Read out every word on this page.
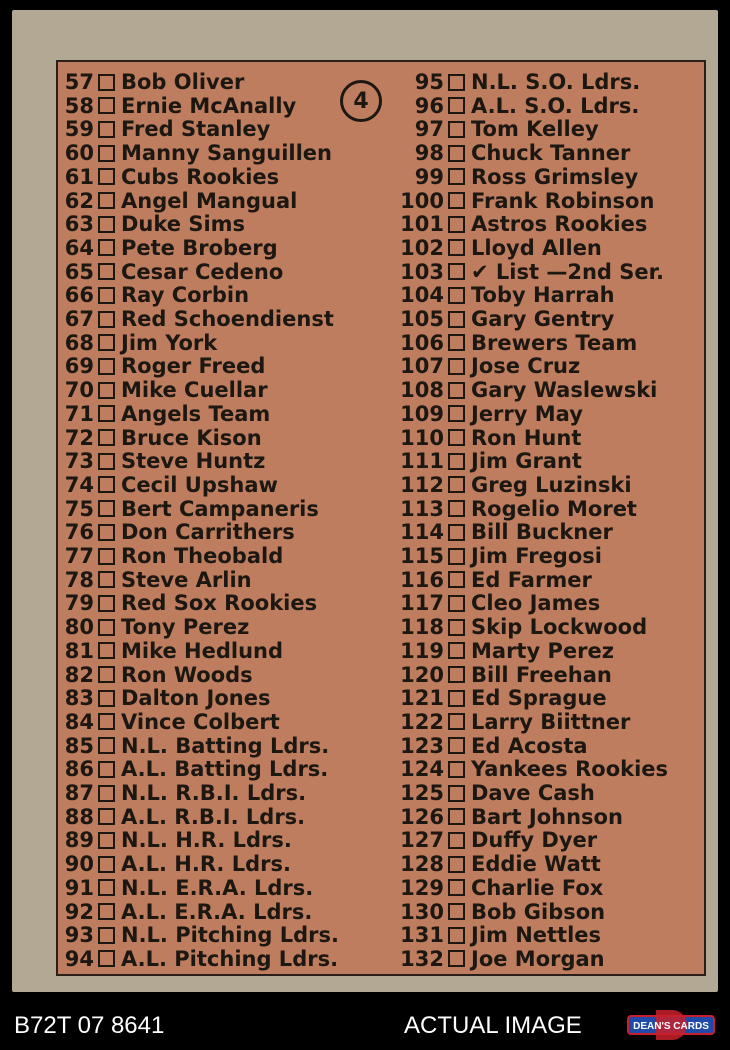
4
57 Bob Oliver
58 Ernie McAnally
59 Fred Stanley
60 Manny Sanguillen
61 Cubs Rookies
62 Angel Mangual
63 Duke Sims
64 Pete Broberg
65 Cesar Cedeno
66 Ray Corbin
67 Red Schoendienst
68 Jim York
69 Roger Freed
70 Mike Cuellar
71 Angels Team
72 Bruce Kison
73 Steve Huntz
74 Cecil Upshaw
75 Bert Campaneris
76 Don Carrithers
77 Ron Theobald
78 Steve Arlin
79 Red Sox Rookies
80 Tony Perez
81 Mike Hedlund
82 Ron Woods
83 Dalton Jones
84 Vince Colbert
85 N.L. Batting Ldrs.
86 A.L. Batting Ldrs.
87 N.L. R.B.I. Ldrs.
88 A.L. R.B.I. Ldrs.
89 N.L. H.R. Ldrs.
90 A.L. H.R. Ldrs.
91 N.L. E.R.A. Ldrs.
92 A.L. E.R.A. Ldrs.
93 N.L. Pitching Ldrs.
94 A.L. Pitching Ldrs.
95 N.L. S.O. Ldrs.
96 A.L. S.O. Ldrs.
97 Tom Kelley
98 Chuck Tanner
99 Ross Grimsley
100 Frank Robinson
101 Astros Rookies
102 Lloyd Allen
103 ✔ List —2nd Ser.
104 Toby Harrah
105 Gary Gentry
106 Brewers Team
107 Jose Cruz
108 Gary Waslewski
109 Jerry May
110 Ron Hunt
111 Jim Grant
112 Greg Luzinski
113 Rogelio Moret
114 Bill Buckner
115 Jim Fregosi
116 Ed Farmer
117 Cleo James
118 Skip Lockwood
119 Marty Perez
120 Bill Freehan
121 Ed Sprague
122 Larry Biittner
123 Ed Acosta
124 Yankees Rookies
125 Dave Cash
126 Bart Johnson
127 Duffy Dyer
128 Eddie Watt
129 Charlie Fox
130 Bob Gibson
131 Jim Nettles
132 Joe Morgan
B72T 07 8641	ACTUAL IMAGE	DEAN'S CARDS
